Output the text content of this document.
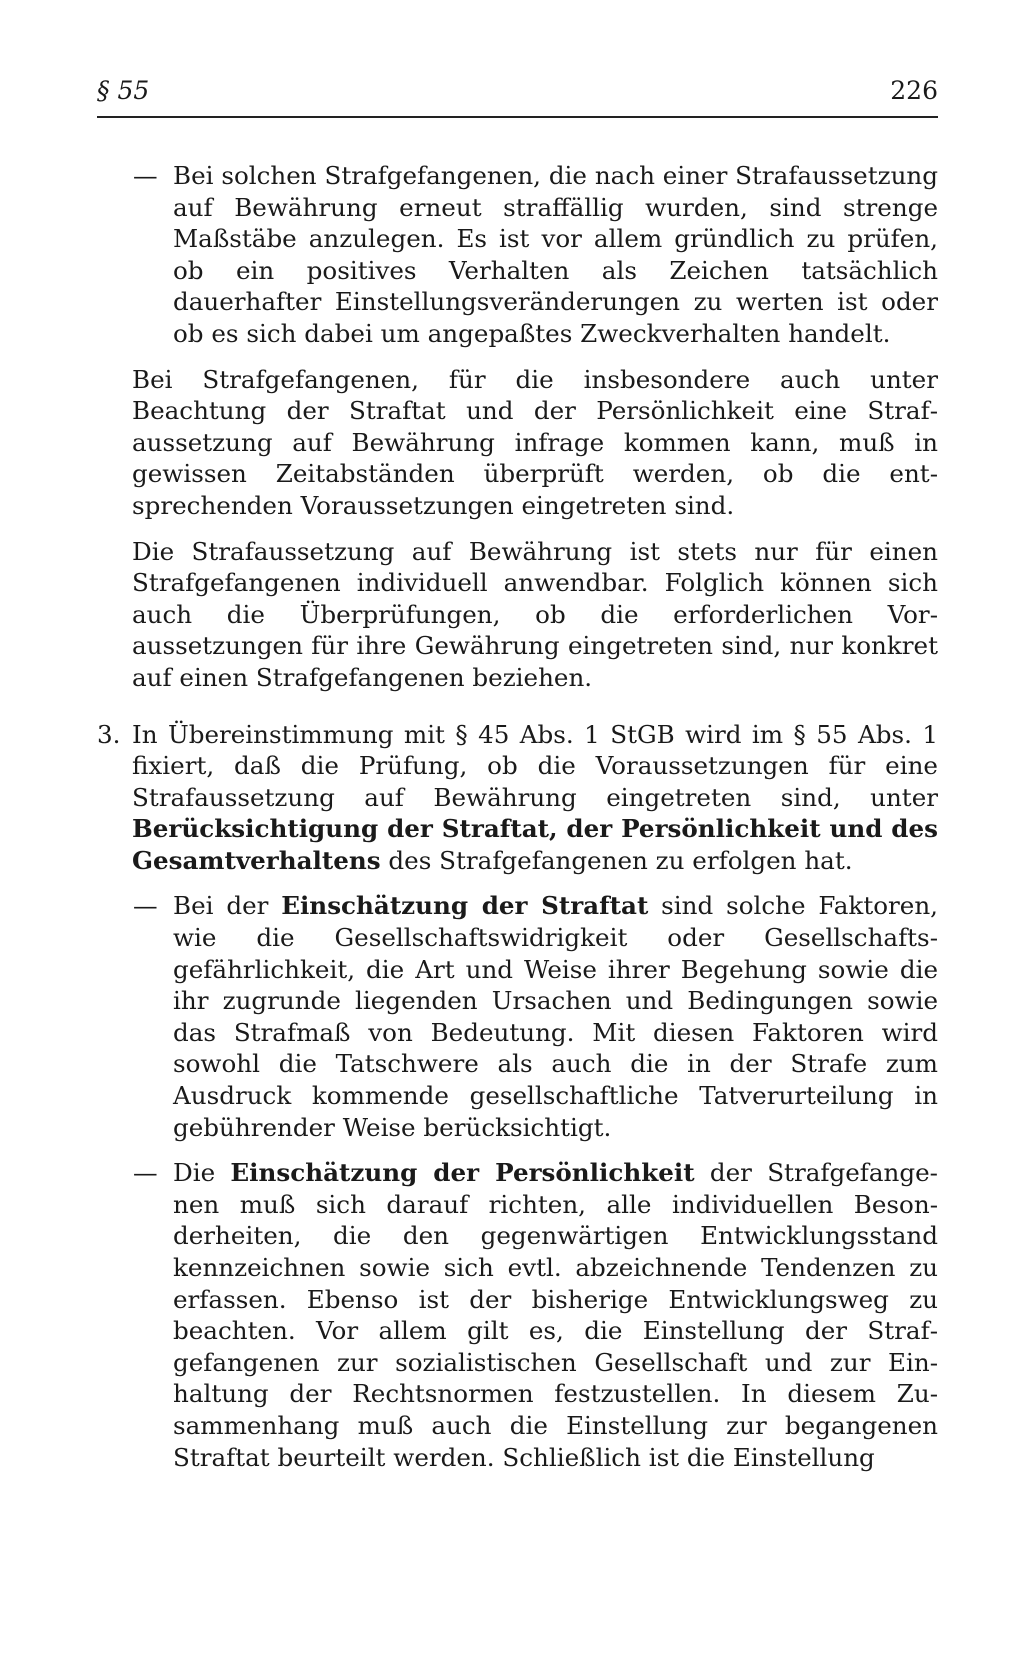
§ 55	226

— Bei solchen Strafgefangenen, die nach einer Strafaussetzung auf Bewährung erneut straffällig wurden, sind strenge Maßstäbe anzulegen. Es ist vor allem gründlich zu prüfen, ob ein positives Verhalten als Zeichen tatsächlich dauerhafter Einstellungsveränderungen zu werten ist oder ob es sich dabei um angepaßtes Zweckverhalten handelt.

Bei Strafgefangenen, für die insbesondere auch unter Beachtung der Straftat und der Persönlichkeit eine Strafaussetzung auf Bewährung infrage kommen kann, muß in gewissen Zeitabständen überprüft werden, ob die entsprechenden Voraussetzungen eingetreten sind.

Die Strafaussetzung auf Bewährung ist stets nur für einen Strafgefangenen individuell anwendbar. Folglich können sich auch die Überprüfungen, ob die erforderlichen Voraussetzungen für ihre Gewährung eingetreten sind, nur konkret auf einen Strafgefangenen beziehen.

3. In Übereinstimmung mit § 45 Abs. 1 StGB wird im § 55 Abs. 1 fixiert, daß die Prüfung, ob die Voraussetzungen für eine Strafaussetzung auf Bewährung eingetreten sind, unter Berücksichtigung der Straftat, der Persönlichkeit und des Gesamtverhaltens des Strafgefangenen zu erfolgen hat.

— Bei der Einschätzung der Straftat sind solche Faktoren, wie die Gesellschaftswidrigkeit oder Gesellschaftsgefährlichkeit, die Art und Weise ihrer Begehung sowie die ihr zugrunde liegenden Ursachen und Bedingungen sowie das Strafmaß von Bedeutung. Mit diesen Faktoren wird sowohl die Tatschwere als auch die in der Strafe zum Ausdruck kommende gesellschaftliche Tatverurteilung in gebührender Weise berücksichtigt.

— Die Einschätzung der Persönlichkeit der Strafgefangenen muß sich darauf richten, alle individuellen Besonderheiten, die den gegenwärtigen Entwicklungsstand kennzeichnen sowie sich evtl. abzeichnende Tendenzen zu erfassen. Ebenso ist der bisherige Entwicklungsweg zu beachten. Vor allem gilt es, die Einstellung der Strafgefangenen zur sozialistischen Gesellschaft und zur Einhaltung der Rechtsnormen festzustellen. In diesem Zusammenhang muß auch die Einstellung zur begangenen Straftat beurteilt werden. Schließlich ist die Einstellung
